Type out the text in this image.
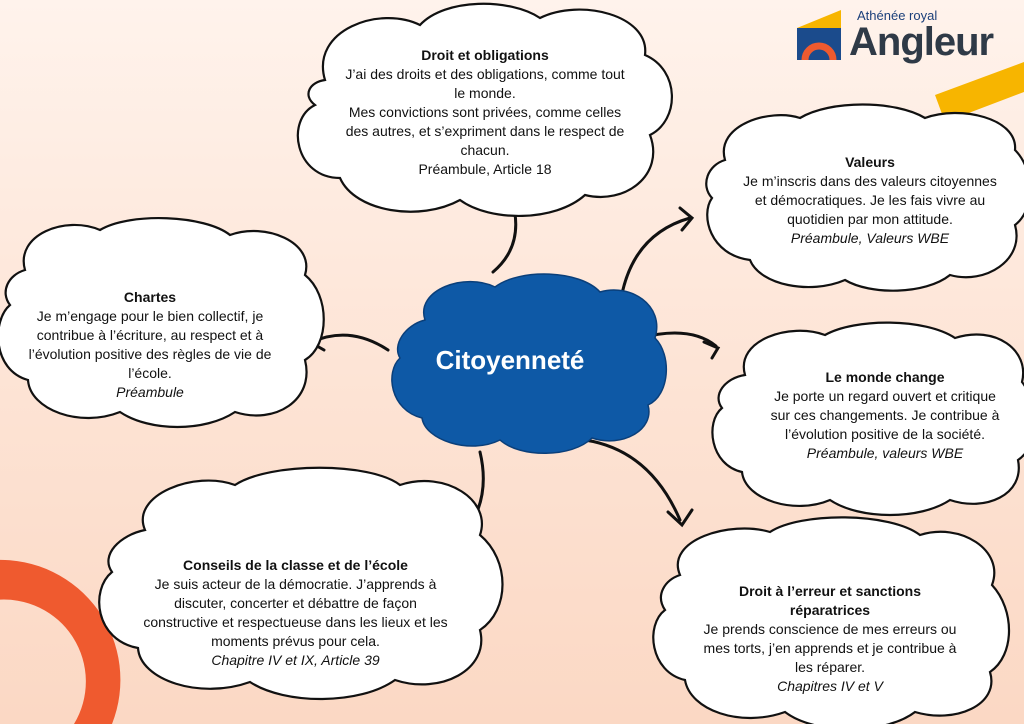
Athénée royal
Angleur
Citoyenneté
Droit et obligations
J’ai des droits et des obligations, comme tout
le monde.
Mes convictions sont privées, comme celles
des autres, et s’expriment dans le respect de
chacun.
Préambule, Article 18	Valeurs
Je m’inscris dans des valeurs citoyennes
et démocratiques. Je les fais vivre au
quotidien par mon attitude.
Préambule, Valeurs WBE
Chartes
Je m’engage pour le bien collectif, je
contribue à l’écriture, au respect et à
l’évolution positive des règles de vie de
l’école.
Préambule
Le monde change
Je porte un regard ouvert et critique
sur ces changements. Je contribue à
l’évolution positive de la société.
Préambule, valeurs WBE
Conseils de la classe et de l’école
Je suis acteur de la démocratie. J’apprends à
discuter, concerter et débattre de façon
constructive et respectueuse dans les lieux et les
moments prévus pour cela.
Chapitre IV et IX, Article 39
Droit à l’erreur et sanctions
réparatrices
Je prends conscience de mes erreurs ou
mes torts, j’en apprends et je contribue à
les réparer.
Chapitres IV et V
